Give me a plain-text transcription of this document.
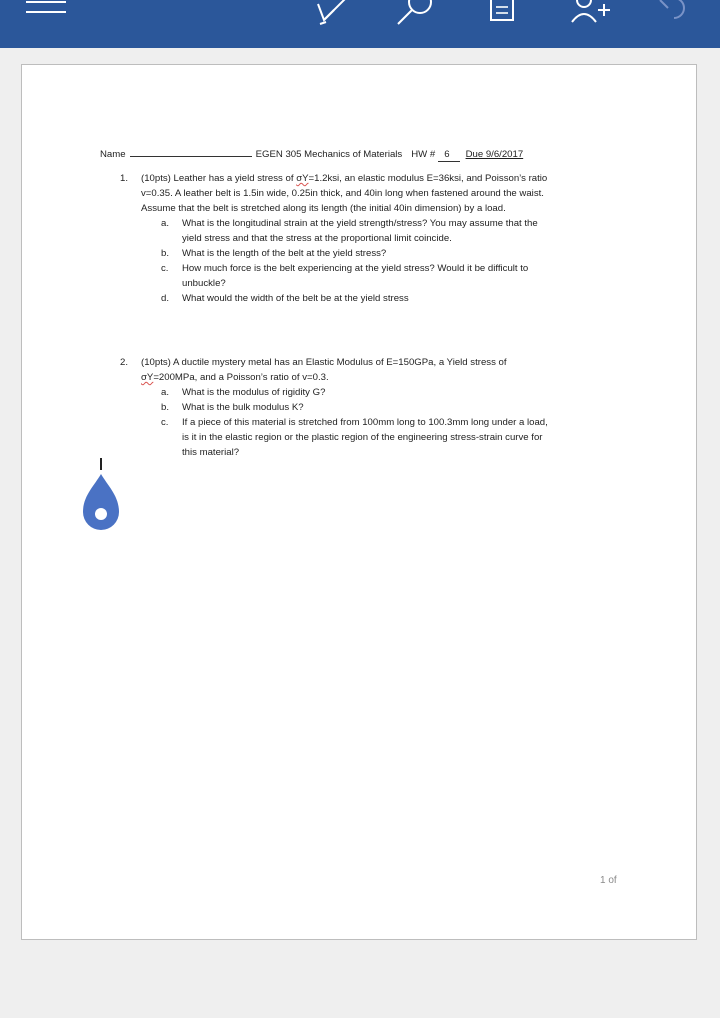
Name	EGEN 305 Mechanics of Materials HW # 6	Due 9/6/2017
1. (10pts) Leather has a yield stress of σY=1.2ksi, an elastic modulus E=36ksi, and Poisson’s ratio
v=0.35. A leather belt is 1.5in wide, 0.25in thick, and 40in long when fastened around the waist.
Assume that the belt is stretched along its length (the initial 40in dimension) by a load.
a. What is the longitudinal strain at the yield strength/stress? You may assume that the
yield stress and that the stress at the proportional limit coincide.
b. What is the length of the belt at the yield stress?
c. How much force is the belt experiencing at the yield stress? Would it be difficult to
unbuckle?
d. What would the width of the belt be at the yield stress
2. (10pts) A ductile mystery metal has an Elastic Modulus of E=150GPa, a Yield stress of
σY=200MPa, and a Poisson’s ratio of v=0.3.
a. What is the modulus of rigidity G?
b. What is the bulk modulus K?
c. If a piece of this material is stretched from 100mm long to 100.3mm long under a load,
is it in the elastic region or the plastic region of the engineering stress-strain curve for
this material?
1 of
